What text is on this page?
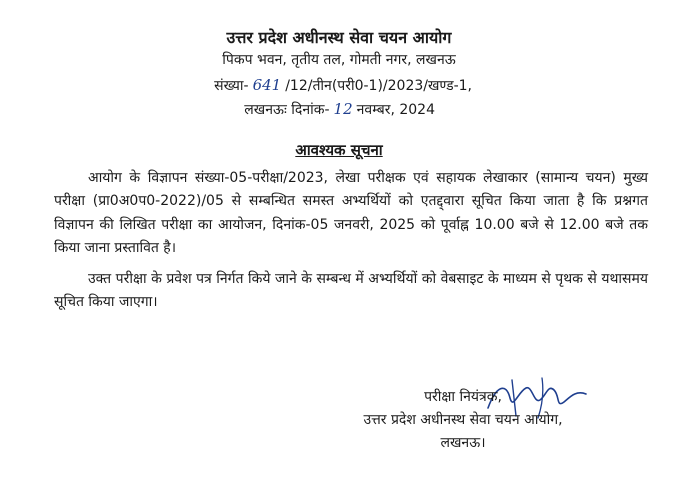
उत्तर प्रदेश अधीनस्थ सेवा चयन आयोग
पिकप भवन, तृतीय तल, गोमती नगर, लखनऊ
संख्या- 641 /12/तीन(परी0-1)/2023/खण्ड-1,
लखनऊः दिनांक- 12 नवम्बर, 2024
आवश्यक सूचना

आयोग के विज्ञापन संख्या-05-परीक्षा/2023, लेखा परीक्षक एवं सहायक लेखाकार (सामान्य चयन) मुख्य परीक्षा (प्रा0अ0प0-2022)/05 से सम्बन्धित समस्त अभ्यर्थियों को एतद्द्वारा सूचित किया जाता है कि प्रश्नगत विज्ञापन की लिखित परीक्षा का आयोजन, दिनांक-05 जनवरी, 2025 को पूर्वाह्न 10.00 बजे से 12.00 बजे तक किया जाना प्रस्तावित है।

उक्त परीक्षा के प्रवेश पत्र निर्गत किये जाने के सम्बन्ध में अभ्यर्थियों को वेबसाइट के माध्यम से पृथक से यथासमय सूचित किया जाएगा।

परीक्षा नियंत्रक,
उत्तर प्रदेश अधीनस्थ सेवा चयन आयोग,
लखनऊ।
